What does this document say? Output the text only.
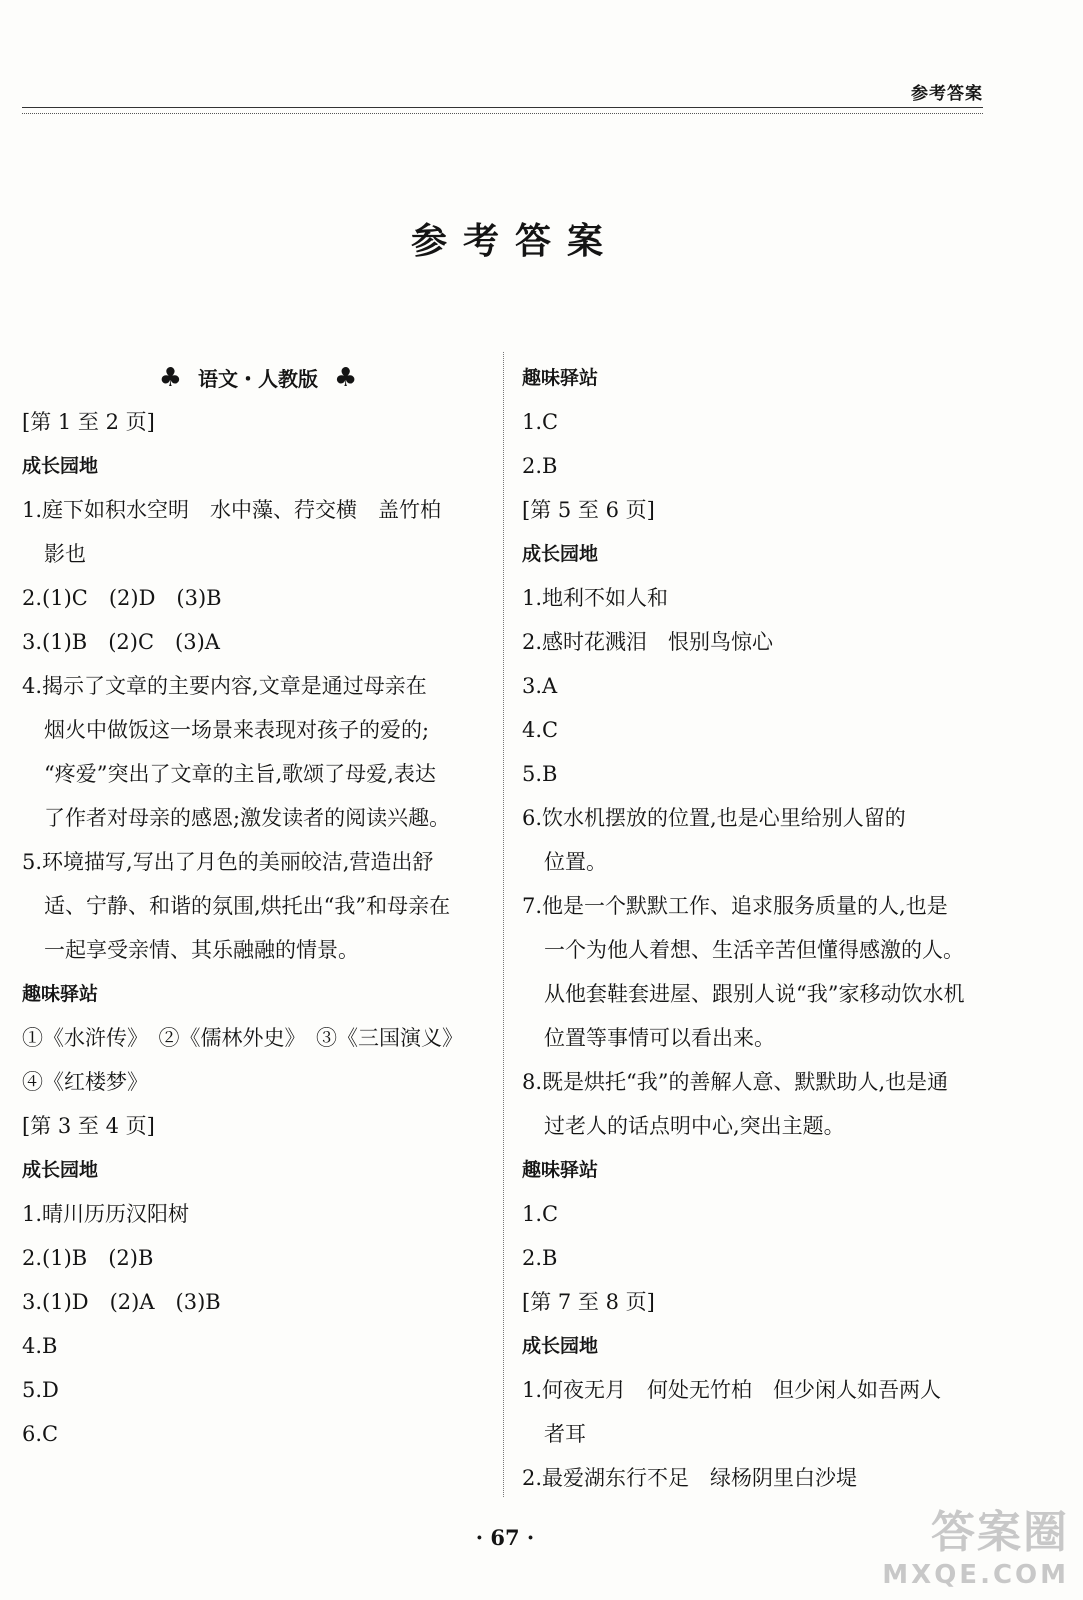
参考答案
参考答案
♣ 语文・人教版 ♣
[第 1 至 2 页]
成长园地
1.庭下如积水空明　水中藻、荇交横　盖竹柏
影也
2.(1)C　(2)D　(3)B
3.(1)B　(2)C　(3)A
4.揭示了文章的主要内容,文章是通过母亲在
烟火中做饭这一场景来表现对孩子的爱的;
“疼爱”突出了文章的主旨,歌颂了母爱,表达
了作者对母亲的感恩;激发读者的阅读兴趣。
5.环境描写,写出了月色的美丽皎洁,营造出舒
适、宁静、和谐的氛围,烘托出“我”和母亲在
一起享受亲情、其乐融融的情景。
趣味驿站
①《水浒传》　②《儒林外史》　③《三国演义》
④《红楼梦》
[第 3 至 4 页]
成长园地
1.晴川历历汉阳树
2.(1)B　(2)B
3.(1)D　(2)A　(3)B
4.B
5.D
6.C
趣味驿站
1.C
2.B
[第 5 至 6 页]
成长园地
1.地利不如人和
2.感时花溅泪　恨别鸟惊心
3.A
4.C
5.B
6.饮水机摆放的位置,也是心里给别人留的
位置。
7.他是一个默默工作、追求服务质量的人,也是
一个为他人着想、生活辛苦但懂得感激的人。
从他套鞋套进屋、跟别人说“我”家移动饮水机
位置等事情可以看出来。
8.既是烘托“我”的善解人意、默默助人,也是通
过老人的话点明中心,突出主题。
趣味驿站
1.C
2.B
[第 7 至 8 页]
成长园地
1.何夜无月　何处无竹柏　但少闲人如吾两人
者耳
2.最爱湖东行不足　绿杨阴里白沙堤
· 67 ·	答案圈
MXQE.COM
